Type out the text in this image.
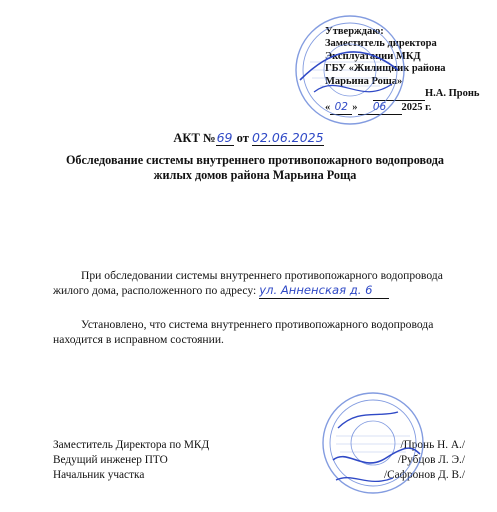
Утверждаю:
Заместитель директора
Эксплуатации МКД
ГБУ «Жилищник района
Марьина Роща»
Н.А. Пронь
« 02 » 06 2025 г.
АКТ №69 от 02.06.2025
Обследование системы внутреннего противопожарного водопровода
жилых домов района Марьина Роща
При обследовании системы внутреннего противопожарного водопровода жилого дома, расположенного по адресу: ул. Анненская д. 6
Установлено, что система внутреннего противопожарного водопровода находится в исправном состоянии.
Заместитель Директора по МКД
Ведущий инженер ПТО
Начальник участка
/Пронь Н. А./
/Рубцов Л. Э./
/Сафронов Д. В./
